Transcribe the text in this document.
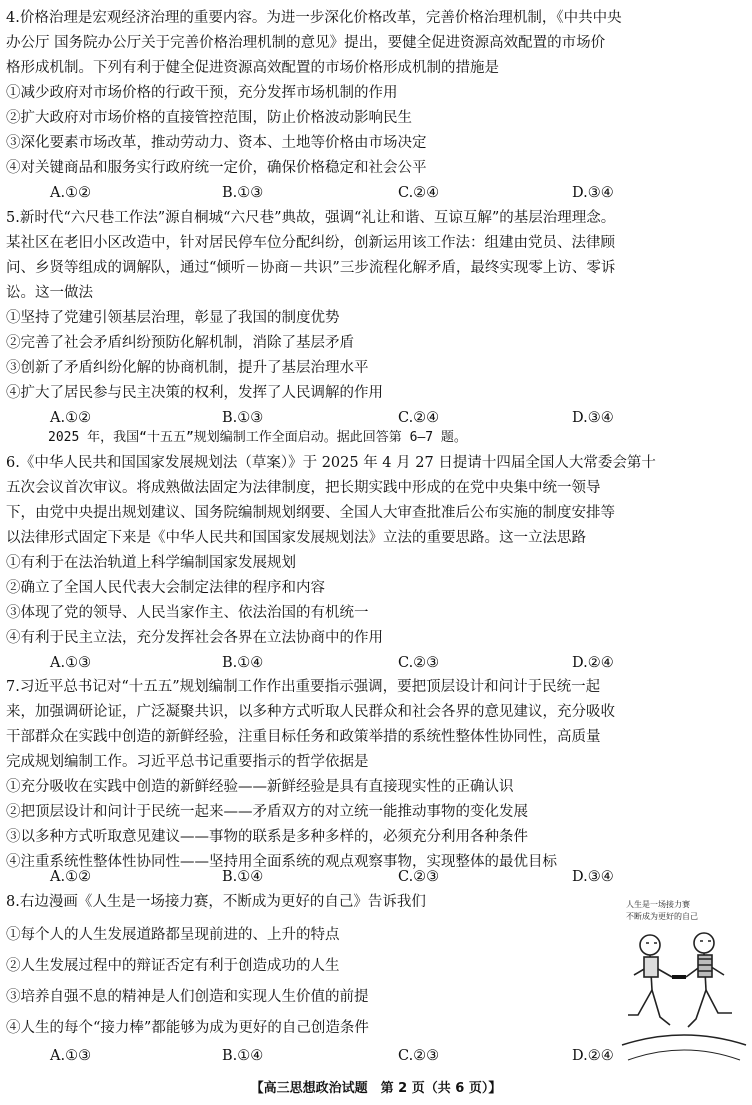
4.价格治理是宏观经济治理的重要内容。为进一步深化价格改革，完善价格治理机制，《中共中央
办公厅 国务院办公厅关于完善价格治理机制的意见》提出，要健全促进资源高效配置的市场价
格形成机制。下列有利于健全促进资源高效配置的市场价格形成机制的措施是
①减少政府对市场价格的行政干预，充分发挥市场机制的作用
②扩大政府对市场价格的直接管控范围，防止价格波动影响民生
③深化要素市场改革，推动劳动力、资本、土地等价格由市场决定
④对关键商品和服务实行政府统一定价，确保价格稳定和社会公平
A.①②	B.①③	C.②④	D.③④
5.新时代“六尺巷工作法”源自桐城“六尺巷”典故，强调“礼让和谐、互谅互解”的基层治理理念。
某社区在老旧小区改造中，针对居民停车位分配纠纷，创新运用该工作法：组建由党员、法律顾
问、乡贤等组成的调解队，通过“倾听－协商－共识”三步流程化解矛盾，最终实现零上访、零诉
讼。这一做法
①坚持了党建引领基层治理，彰显了我国的制度优势
②完善了社会矛盾纠纷预防化解机制，消除了基层矛盾
③创新了矛盾纠纷化解的协商机制，提升了基层治理水平
④扩大了居民参与民主决策的权利，发挥了人民调解的作用
A.①②	B.①③	C.②④	D.③④
2025 年，我国“十五五”规划编制工作全面启动。据此回答第 6—7 题。
6.《中华人民共和国国家发展规划法（草案）》于 2025 年 4 月 27 日提请十四届全国人大常委会第十
五次会议首次审议。将成熟做法固定为法律制度，把长期实践中形成的在党中央集中统一领导
下，由党中央提出规划建议、国务院编制规划纲要、全国人大审查批准后公布实施的制度安排等
以法律形式固定下来是《中华人民共和国国家发展规划法》立法的重要思路。这一立法思路
①有利于在法治轨道上科学编制国家发展规划
②确立了全国人民代表大会制定法律的程序和内容
③体现了党的领导、人民当家作主、依法治国的有机统一
④有利于民主立法，充分发挥社会各界在立法协商中的作用
A.①③	B.①④	C.②③	D.②④
7.习近平总书记对“十五五”规划编制工作作出重要指示强调，要把顶层设计和问计于民统一起
来，加强调研论证，广泛凝聚共识，以多种方式听取人民群众和社会各界的意见建议，充分吸收
干部群众在实践中创造的新鲜经验，注重目标任务和政策举措的系统性整体性协同性，高质量
完成规划编制工作。习近平总书记重要指示的哲学依据是
①充分吸收在实践中创造的新鲜经验——新鲜经验是具有直接现实性的正确认识
②把顶层设计和问计于民统一起来——矛盾双方的对立统一能推动事物的变化发展
③以多种方式听取意见建议——事物的联系是多种多样的，必须充分利用各种条件
④注重系统性整体性协同性——坚持用全面系统的观点观察事物，实现整体的最优目标
A.①②	B.①④	C.②③	D.③④
8.右边漫画《人生是一场接力赛，不断成为更好的自己》告诉我们
①每个人的人生发展道路都呈现前进的、上升的特点
②人生发展过程中的辩证否定有利于创造成功的人生
③培养自强不息的精神是人们创造和实现人生价值的前提
④人生的每个“接力棒”都能够为成为更好的自己创造条件
A.①③	B.①④	C.②③	D.②④
人生是一场接力赛
不断成为更好的自己
【高三思想政治试题　第 2 页（共 6 页）】
